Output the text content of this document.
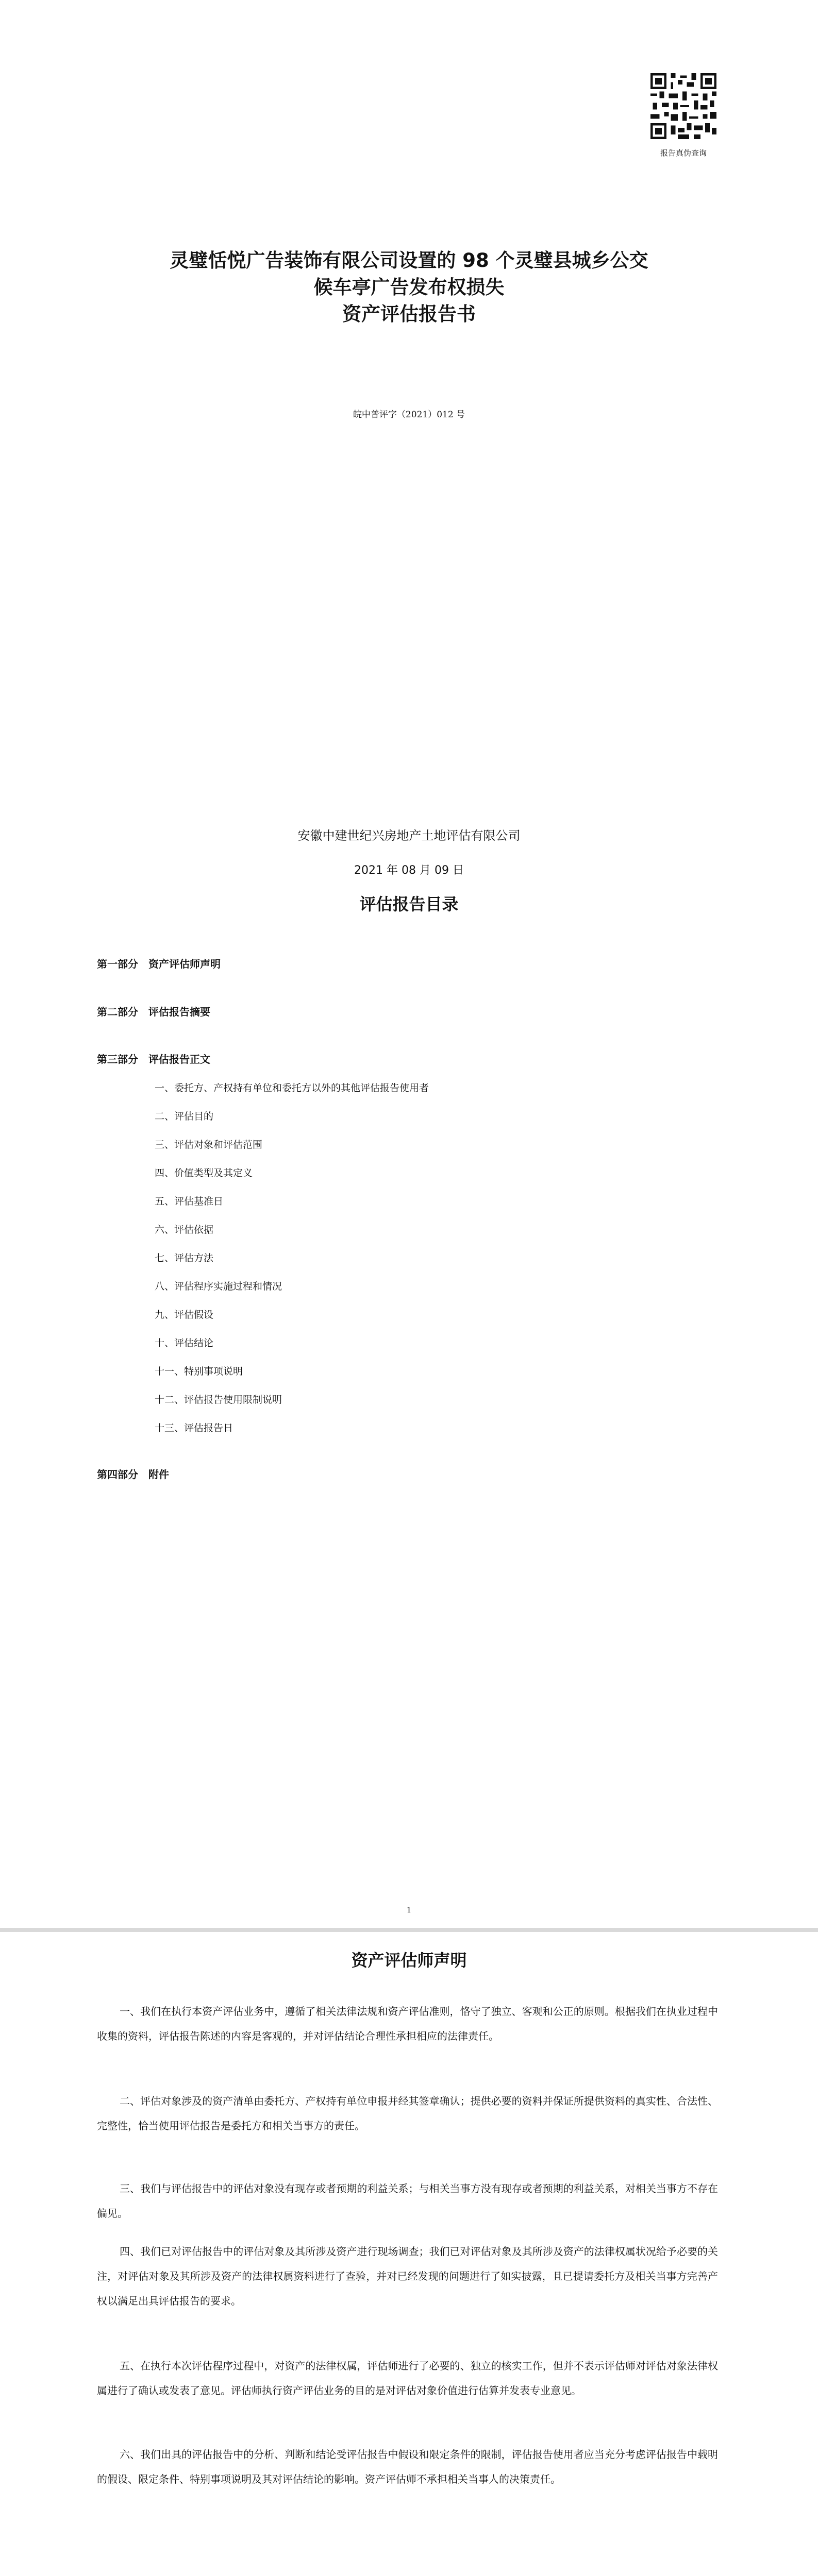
报告真伪查询

灵璧恬悦广告装饰有限公司设置的 98 个灵璧县城乡公交
候车亭广告发布权损失
资产评估报告书

皖中普评字（2021）012 号

安徽中建世纪兴房地产土地评估有限公司

2021 年 08 月 09 日

评估报告目录

第一部分　资产评估师声明

第二部分　评估报告摘要

第三部分　评估报告正文

一、委托方、产权持有单位和委托方以外的其他评估报告使用者

二、评估目的

三、评估对象和评估范围

四、价值类型及其定义

五、评估基准日

六、评估依据

七、评估方法

八、评估程序实施过程和情况

九、评估假设

十、评估结论

十一、特别事项说明

十二、评估报告使用限制说明

十三、评估报告日

第四部分　附件

1

资产评估师声明

一、我们在执行本资产评估业务中，遵循了相关法律法规和资产评估准则，恪守了独立、客观和公正的原则。根据我们在执业过程中收集的资料，评估报告陈述的内容是客观的，并对评估结论合理性承担相应的法律责任。

二、评估对象涉及的资产清单由委托方、产权持有单位申报并经其签章确认；提供必要的资料并保证所提供资料的真实性、合法性、完整性，恰当使用评估报告是委托方和相关当事方的责任。

三、我们与评估报告中的评估对象没有现存或者预期的利益关系；与相关当事方没有现存或者预期的利益关系，对相关当事方不存在偏见。

四、我们已对评估报告中的评估对象及其所涉及资产进行现场调查；我们已对评估对象及其所涉及资产的法律权属状况给予必要的关注，对评估对象及其所涉及资产的法律权属资料进行了查验，并对已经发现的问题进行了如实披露，且已提请委托方及相关当事方完善产权以满足出具评估报告的要求。

五、在执行本次评估程序过程中，对资产的法律权属，评估师进行了必要的、独立的核实工作，但并不表示评估师对评估对象法律权属进行了确认或发表了意见。评估师执行资产评估业务的目的是对评估对象价值进行估算并发表专业意见。

六、我们出具的评估报告中的分析、判断和结论受评估报告中假设和限定条件的限制，评估报告使用者应当充分考虑评估报告中载明的假设、限定条件、特别事项说明及其对评估结论的影响。资产评估师不承担相关当事人的决策责任。
